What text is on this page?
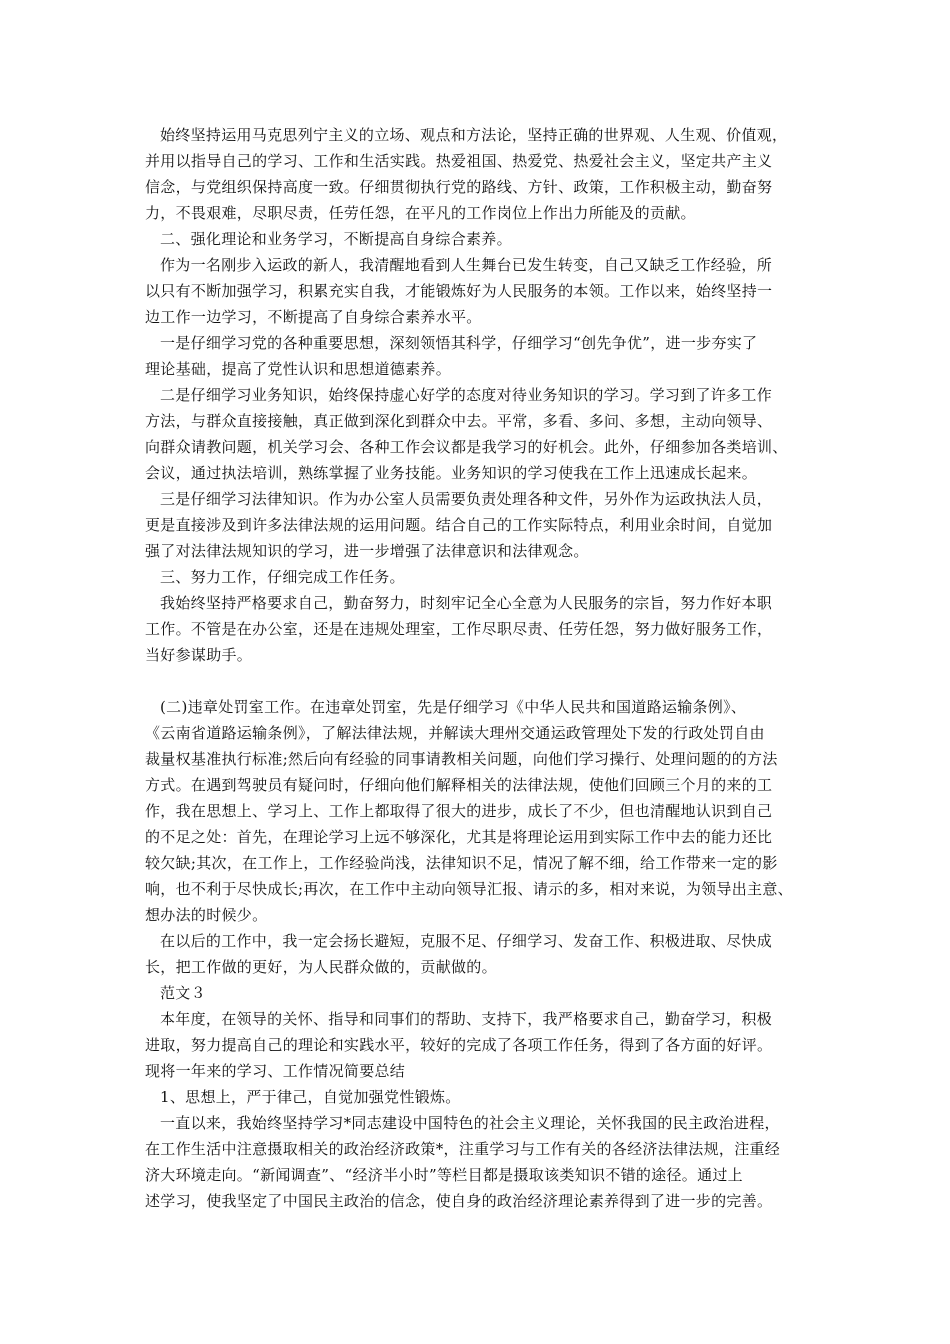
始终坚持运用马克思列宁主义的立场、观点和方法论，坚持正确的世界观、人生观、价值观，
并用以指导自己的学习、工作和生活实践。热爱祖国、热爱党、热爱社会主义，坚定共产主义
信念，与党组织保持高度一致。仔细贯彻执行党的路线、方针、政策，工作积极主动，勤奋努
力，不畏艰难，尽职尽责，任劳任怨，在平凡的工作岗位上作出力所能及的贡献。
二、强化理论和业务学习，不断提高自身综合素养。
作为一名刚步入运政的新人，我清醒地看到人生舞台已发生转变，自己又缺乏工作经验，所
以只有不断加强学习，积累充实自我，才能锻炼好为人民服务的本领。工作以来，始终坚持一
边工作一边学习，不断提高了自身综合素养水平。
一是仔细学习党的各种重要思想，深刻领悟其科学，仔细学习“创先争优”，进一步夯实了
理论基础，提高了党性认识和思想道德素养。
二是仔细学习业务知识，始终保持虚心好学的态度对待业务知识的学习。学习到了许多工作
方法，与群众直接接触，真正做到深化到群众中去。平常，多看、多问、多想，主动向领导、
向群众请教问题，机关学习会、各种工作会议都是我学习的好机会。此外，仔细参加各类培训、
会议，通过执法培训，熟练掌握了业务技能。业务知识的学习使我在工作上迅速成长起来。
三是仔细学习法律知识。作为办公室人员需要负责处理各种文件，另外作为运政执法人员，
更是直接涉及到许多法律法规的运用问题。结合自己的工作实际特点，利用业余时间，自觉加
强了对法律法规知识的学习，进一步增强了法律意识和法律观念。
三、努力工作，仔细完成工作任务。
我始终坚持严格要求自己，勤奋努力，时刻牢记全心全意为人民服务的宗旨，努力作好本职
工作。不管是在办公室，还是在违规处理室，工作尽职尽责、任劳任怨，努力做好服务工作，
当好参谋助手。
(二)违章处罚室工作。在违章处罚室，先是仔细学习《中华人民共和国道路运输条例》、
《云南省道路运输条例》，了解法律法规，并解读大理州交通运政管理处下发的行政处罚自由
裁量权基准执行标准;然后向有经验的同事请教相关问题，向他们学习操行、处理问题的的方法
方式。在遇到驾驶员有疑问时，仔细向他们解释相关的法律法规，使他们回顾三个月的来的工
作，我在思想上、学习上、工作上都取得了很大的进步，成长了不少，但也清醒地认识到自己
的不足之处：首先，在理论学习上远不够深化，尤其是将理论运用到实际工作中去的能力还比
较欠缺;其次，在工作上，工作经验尚浅，法律知识不足，情况了解不细，给工作带来一定的影
响，也不利于尽快成长;再次，在工作中主动向领导汇报、请示的多，相对来说，为领导出主意、
想办法的时候少。
在以后的工作中，我一定会扬长避短，克服不足、仔细学习、发奋工作、积极进取、尽快成
长，把工作做的更好，为人民群众做的，贡献做的。
范文３
本年度，在领导的关怀、指导和同事们的帮助、支持下，我严格要求自己，勤奋学习，积极
进取，努力提高自己的理论和实践水平，较好的完成了各项工作任务，得到了各方面的好评。
现将一年来的学习、工作情况简要总结
1、思想上，严于律己，自觉加强党性锻炼。
一直以来，我始终坚持学习*同志建设中国特色的社会主义理论，关怀我国的民主政治进程，
在工作生活中注意摄取相关的政治经济政策*，注重学习与工作有关的各经济法律法规，注重经
济大环境走向。“新闻调查”、“经济半小时”等栏目都是摄取该类知识不错的途径。通过上
述学习，使我坚定了中国民主政治的信念，使自身的政治经济理论素养得到了进一步的完善。
